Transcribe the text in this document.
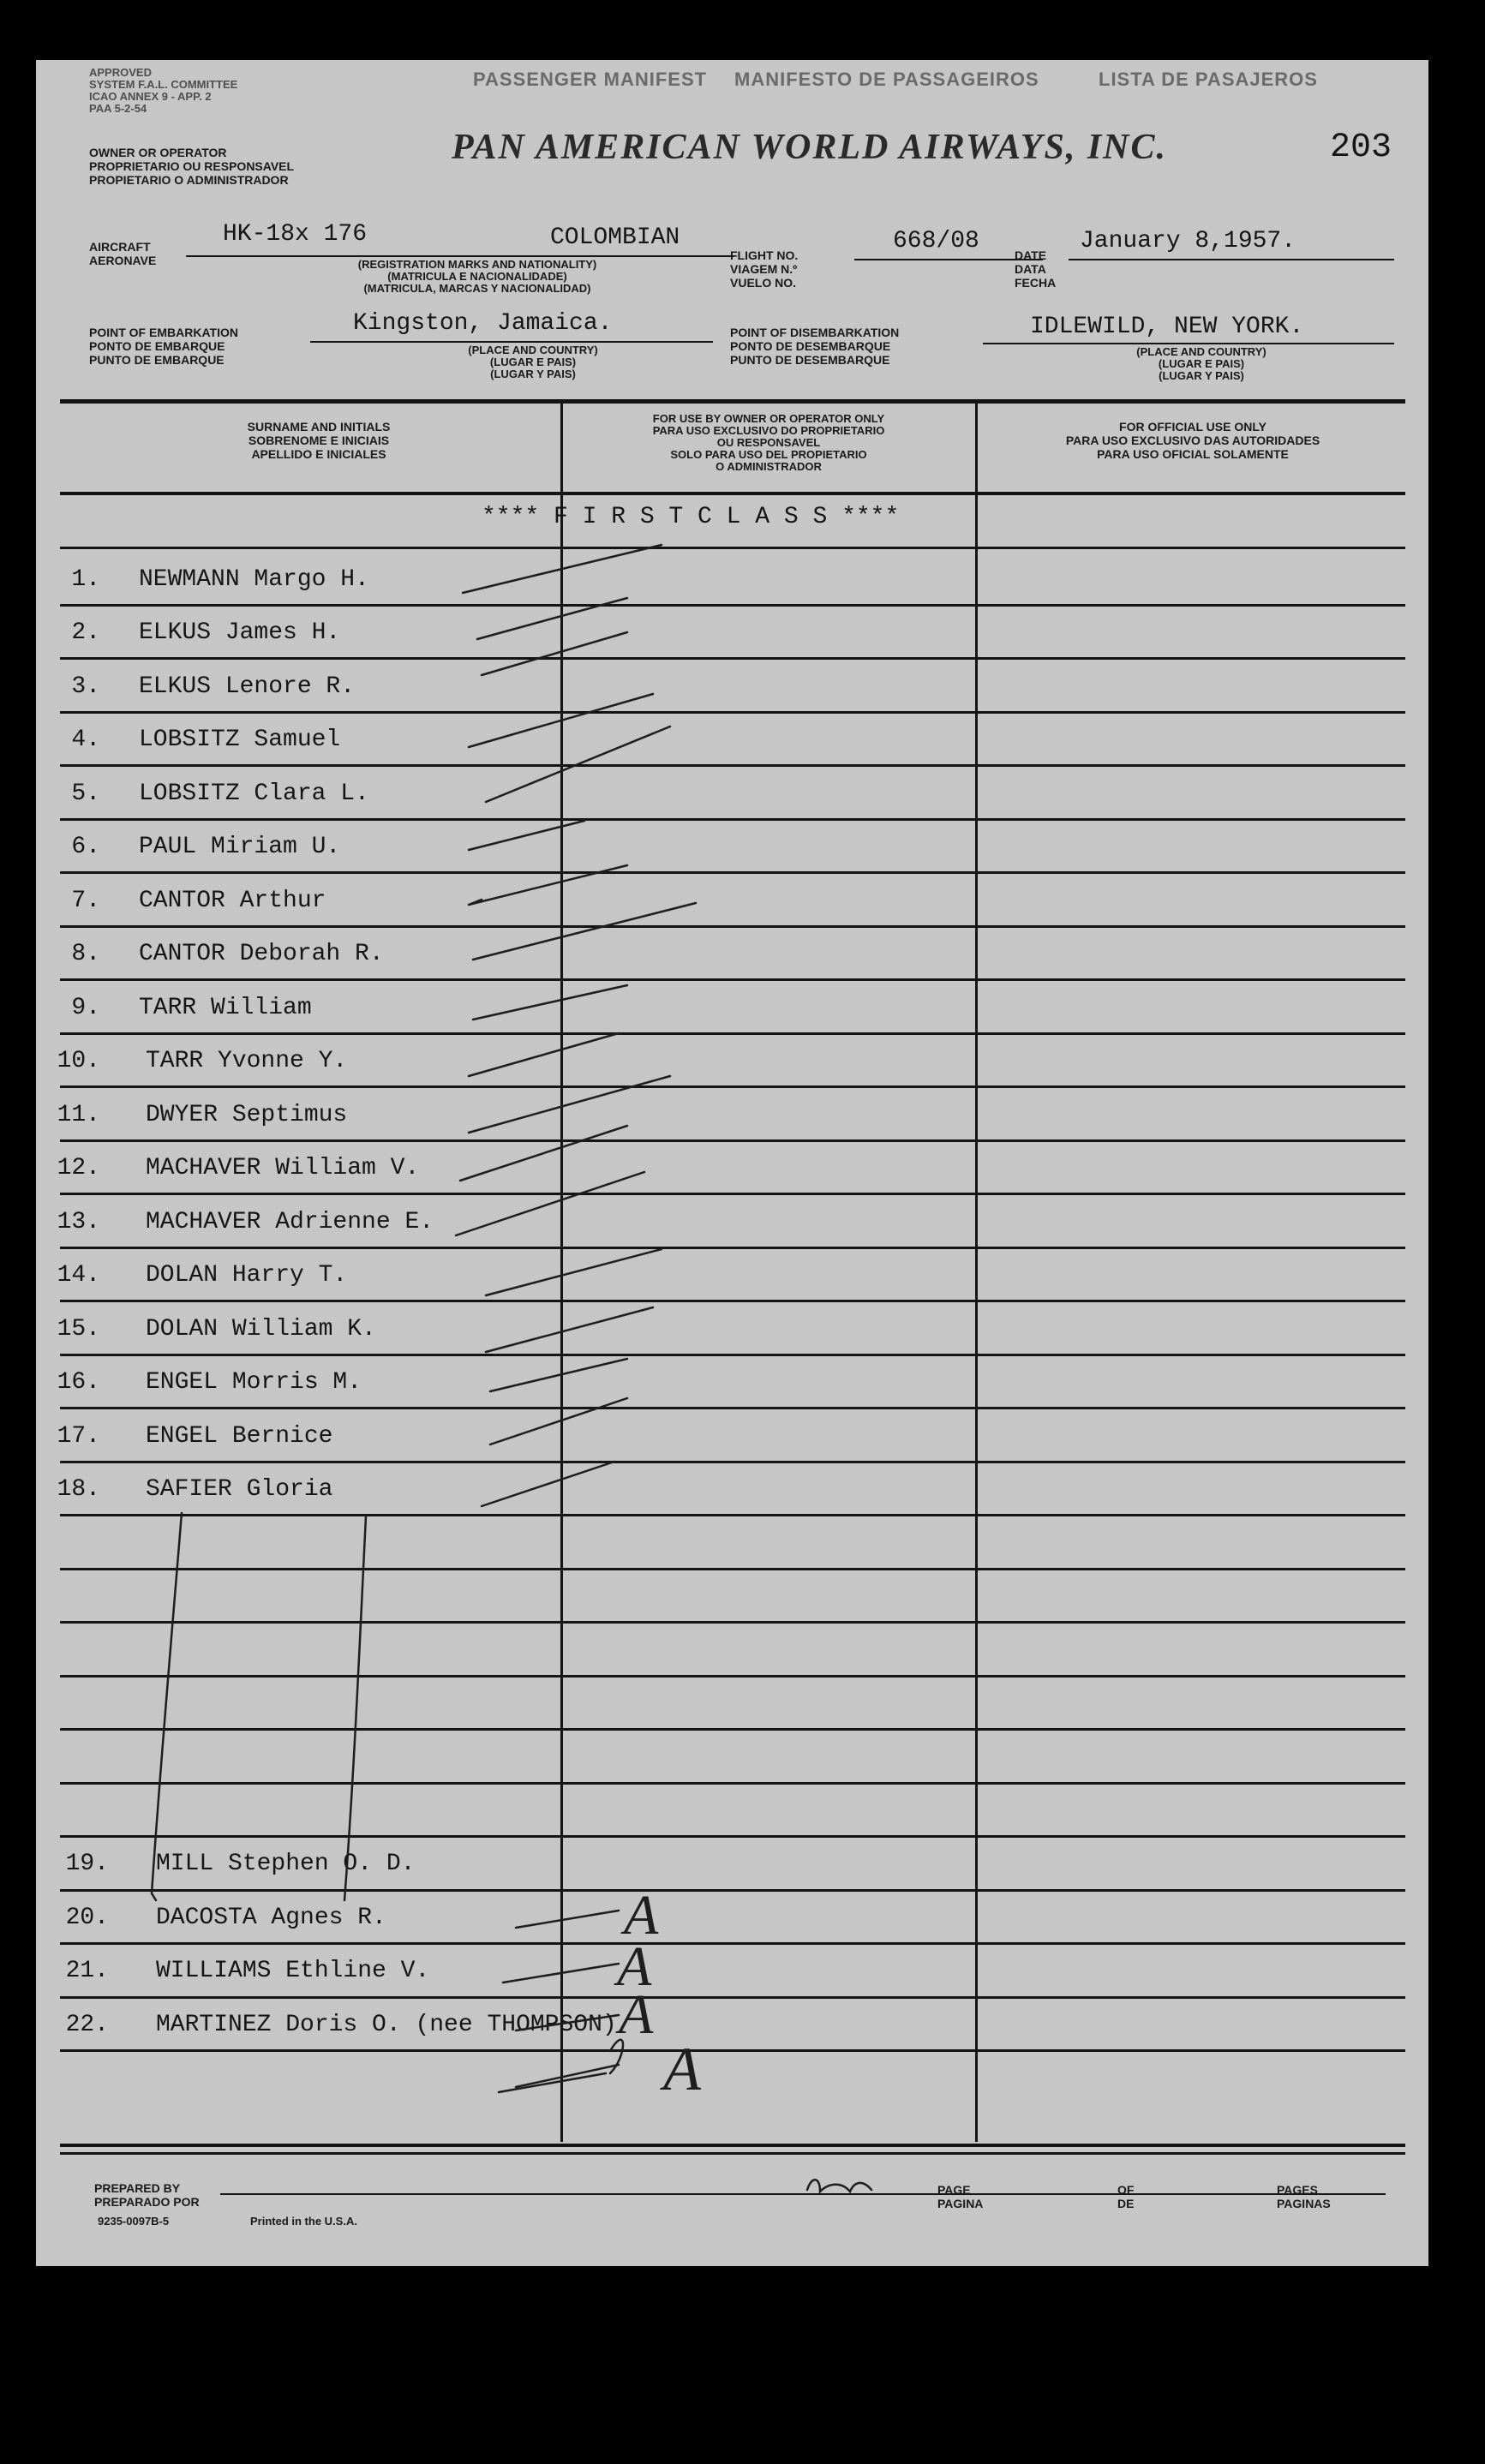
APPROVED
SYSTEM F.A.L. COMMITTEE
ICAO ANNEX 9 - APP. 2
PAA 5-2-54
OWNER OR OPERATOR
PROPRIETARIO OU RESPONSAVEL
PROPIETARIO O ADMINISTRADOR
PASSENGER MANIFEST MANIFESTO DE PASSAGEIROS	LISTA DE PASAJEROS
PAN AMERICAN WORLD AIRWAYS, INC.	203
AIRCRAFT
AERONAVE
HK-18x 176	COLOMBIAN
(REGISTRATION MARKS AND NATIONALITY)
(MATRICULA E NACIONALIDADE)
(MATRICULA, MARCAS Y NACIONALIDAD)
FLIGHT NO.
VIAGEM N.º
VUELO NO.
668/08
DATE
DATA
FECHA
January 8,1957.
POINT OF EMBARKATION
PONTO DE EMBARQUE
PUNTO DE EMBARQUE
Kingston, Jamaica.
(PLACE AND COUNTRY)
(LUGAR E PAIS)
(LUGAR Y PAIS)
POINT OF DISEMBARKATION
PONTO DE DESEMBARQUE
PUNTO DE DESEMBARQUE
IDLEWILD, NEW YORK.
(PLACE AND COUNTRY)
(LUGAR E PAIS)
(LUGAR Y PAIS)
SURNAME AND INITIALS
SOBRENOME E INICIAIS
APELLIDO E INICIALES
FOR USE BY OWNER OR OPERATOR ONLY
PARA USO EXCLUSIVO DO PROPRIETARIO
OU RESPONSAVEL
SOLO PARA USO DEL PROPIETARIO
O ADMINISTRADOR
FOR OFFICIAL USE ONLY
PARA USO EXCLUSIVO DAS AUTORIDADES
PARA USO OFICIAL SOLAMENTE
**** F I R S T C L A S S ****
1. NEWMANN Margo H.
2. ELKUS James H.
3. ELKUS Lenore R.
4. LOBSITZ Samuel
5. LOBSITZ Clara L.
6. PAUL Miriam U.
7. CANTOR Arthur
8. CANTOR Deborah R.
9. TARR William
10. TARR Yvonne Y.
11. DWYER Septimus
12. MACHAVER William V.
13. MACHAVER Adrienne E.
14. DOLAN Harry T.
15. DOLAN William K.
16. ENGEL Morris M.
17. ENGEL Bernice
18. SAFIER Gloria
19. MILL Stephen O. D.
20. DACOSTA Agnes R.
21. WILLIAMS Ethline V.
22. MARTINEZ Doris O. (nee THOMPSON)
A
A
A
A
PREPARED BY
PREPARADO POR
9235-0097B-5	Printed in the U.S.A.
PAGE
PAGINA
OF
DE
PAGES
PAGINAS
